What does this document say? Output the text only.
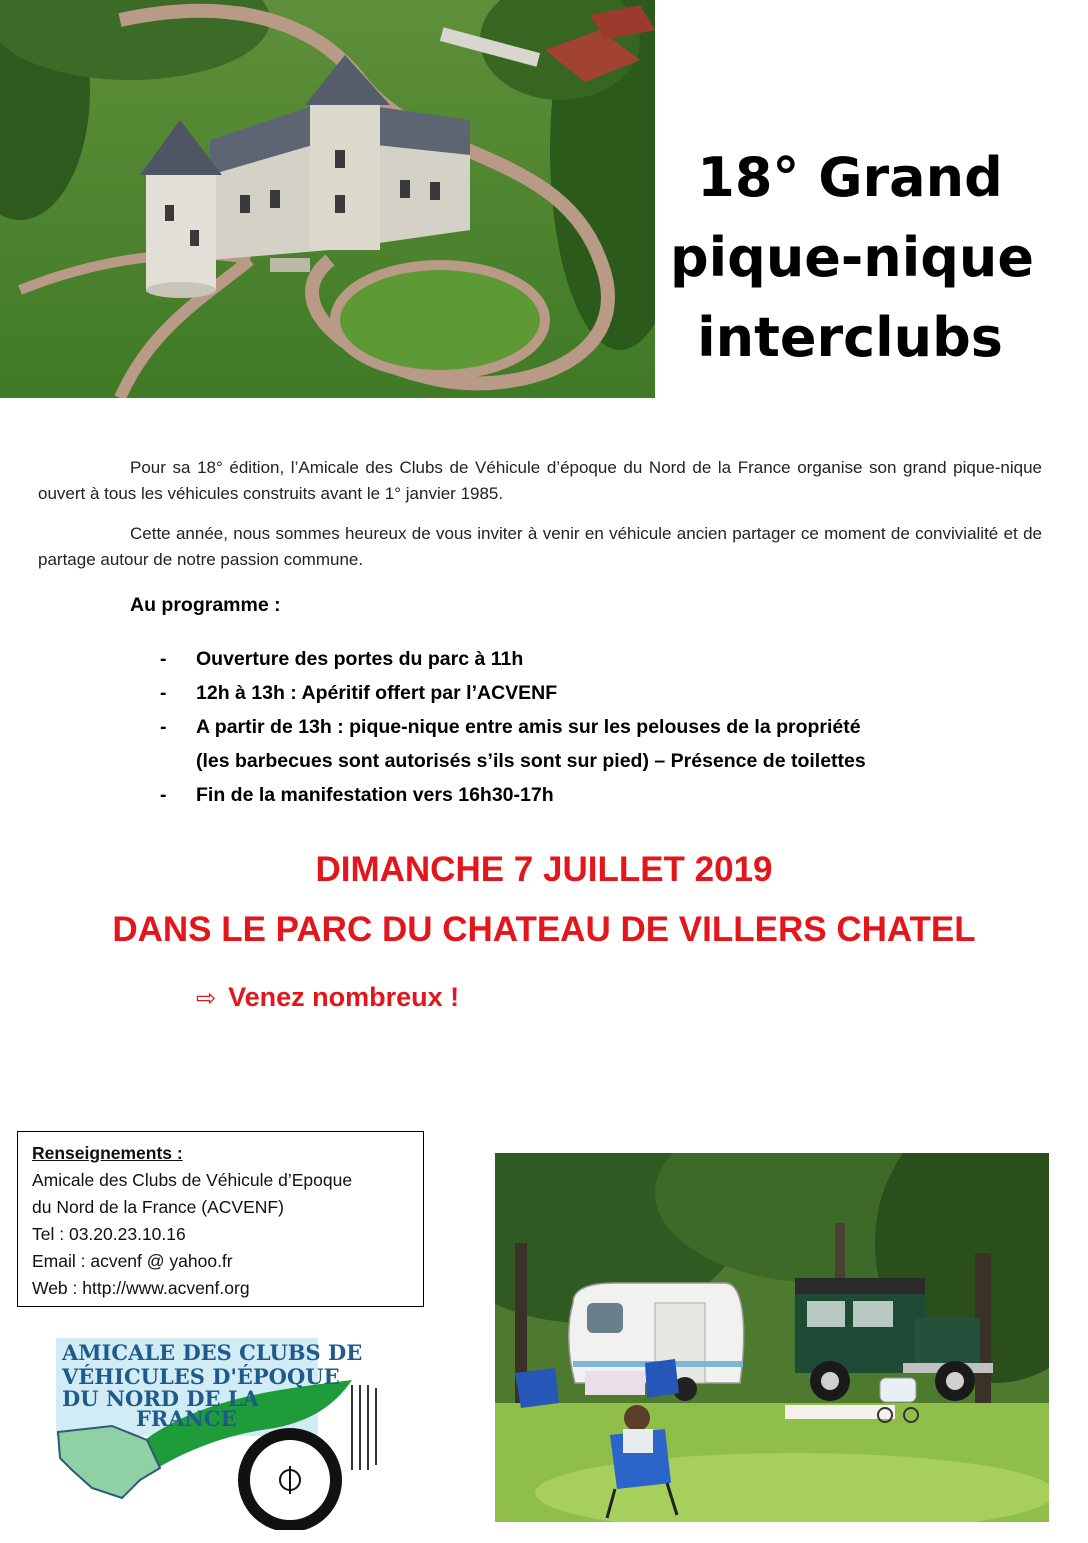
18° Grand
pique-nique
interclubs

Pour sa 18° édition, l’Amicale des Clubs de Véhicule d’époque du Nord de la France organise son grand pique-nique ouvert à tous les véhicules construits avant le 1° janvier 1985.

Cette année, nous sommes heureux de vous inviter à venir en véhicule ancien partager ce moment de convivialité et de partage autour de notre passion commune.

Au programme :
- Ouverture des portes du parc à 11h
- 12h à 13h : Apéritif offert par l’ACVENF
- A partir de 13h : pique-nique entre amis sur les pelouses de la propriété
(les barbecues sont autorisés s’ils sont sur pied) – Présence de toilettes
- Fin de la manifestation vers 16h30-17h
DIMANCHE 7 JUILLET 2019
DANS LE PARC DU CHATEAU DE VILLERS CHATEL
⇨ Venez nombreux !
Renseignements :
Amicale des Clubs de Véhicule d’Epoque
du Nord de la France (ACVENF)
Tel : 03.20.23.10.16
Email : acvenf @ yahoo.fr
Web : http://www.acvenf.org
AMICALE DES CLUBS DE
VÉHICULES D'ÉPOQUE
DU NORD DE LA
FRANCE
